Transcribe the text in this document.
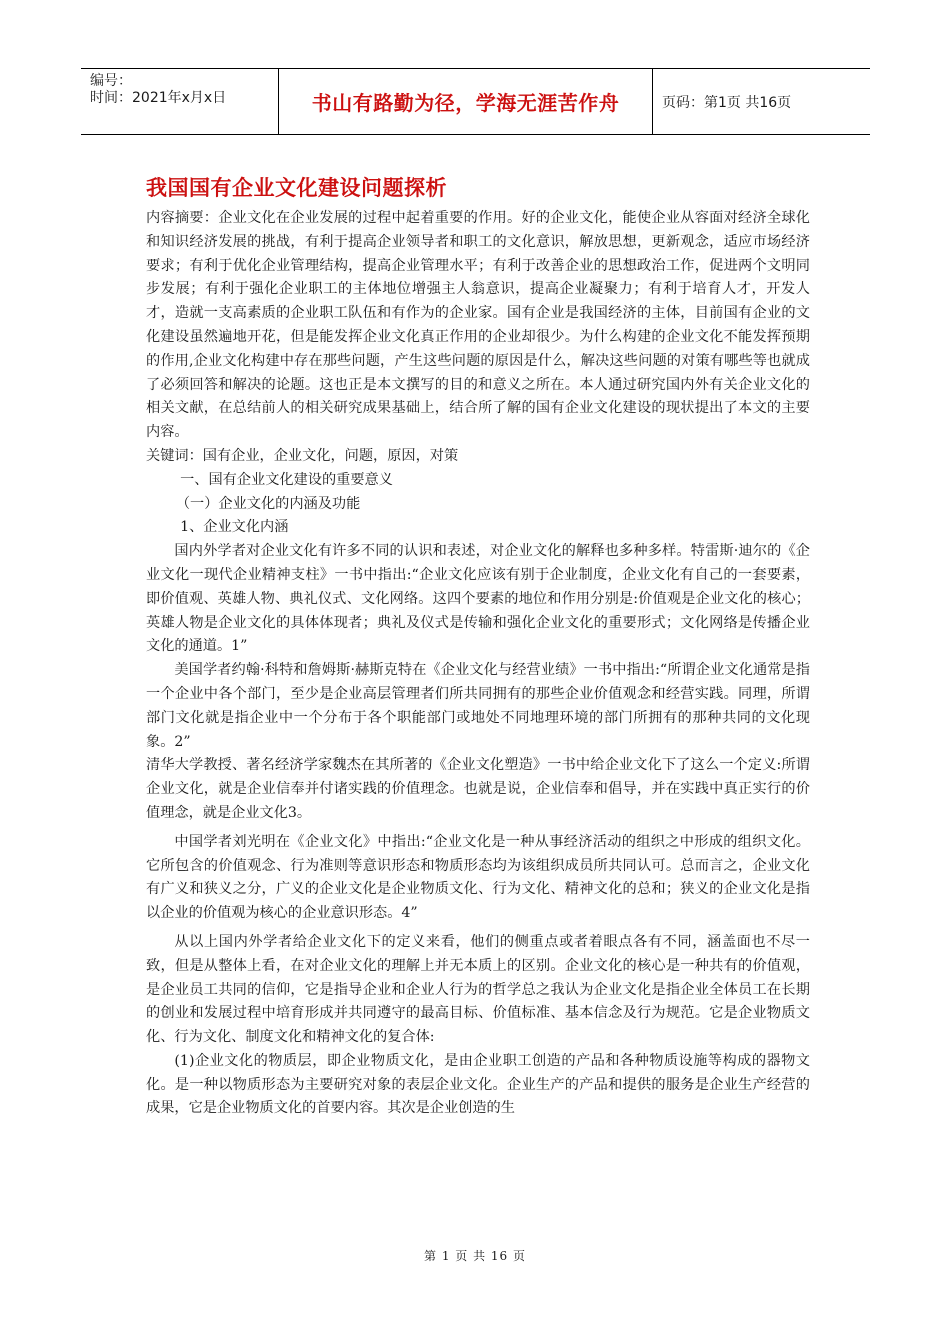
编号：
时间：2021年x月x日	书山有路勤为径，学海无涯苦作舟	页码：第1页 共16页
我国国有企业文化建设问题探析

内容摘要：企业文化在企业发展的过程中起着重要的作用。好的企业文化，能使企业从容面对经济全球化和知识经济发展的挑战，有利于提高企业领导者和职工的文化意识，解放思想，更新观念，适应市场经济要求；有利于优化企业管理结构，提高企业管理水平；有利于改善企业的思想政治工作，促进两个文明同步发展；有利于强化企业职工的主体地位增强主人翁意识，提高企业凝聚力；有利于培育人才，开发人才，造就一支高素质的企业职工队伍和有作为的企业家。国有企业是我国经济的主体，目前国有企业的文化建设虽然遍地开花，但是能发挥企业文化真正作用的企业却很少。为什么构建的企业文化不能发挥预期的作用,企业文化构建中存在那些问题，产生这些问题的原因是什么，解决这些问题的对策有哪些等也就成了必须回答和解决的论题。这也正是本文撰写的目的和意义之所在。本人通过研究国内外有关企业文化的相关文献，在总结前人的相关研究成果基础上，结合所了解的国有企业文化建设的现状提出了本文的主要内容。

关键词：国有企业，企业文化，问题，原因，对策

一、国有企业文化建设的重要意义

（一）企业文化的内涵及功能

1、企业文化内涵

国内外学者对企业文化有许多不同的认识和表述，对企业文化的解释也多种多样。特雷斯·迪尔的《企业文化一现代企业精神支柱》一书中指出:“企业文化应该有别于企业制度，企业文化有自己的一套要素，即价值观、英雄人物、典礼仪式、文化网络。这四个要素的地位和作用分别是:价值观是企业文化的核心；英雄人物是企业文化的具体体现者；典礼及仪式是传输和强化企业文化的重要形式；文化网络是传播企业文化的通道。1”

美国学者约翰·科特和詹姆斯·赫斯克特在《企业文化与经营业绩》一书中指出:“所谓企业文化通常是指一个企业中各个部门，至少是企业高层管理者们所共同拥有的那些企业价值观念和经营实践。同理，所谓部门文化就是指企业中一个分布于各个职能部门或地处不同地理环境的部门所拥有的那种共同的文化现象。2”

清华大学教授、著名经济学家魏杰在其所著的《企业文化塑造》一书中给企业文化下了这么一个定义:所谓企业文化，就是企业信奉并付诸实践的价值理念。也就是说，企业信奉和倡导，并在实践中真正实行的价值理念，就是企业文化3。

中国学者刘光明在《企业文化》中指出:“企业文化是一种从事经济活动的组织之中形成的组织文化。它所包含的价值观念、行为准则等意识形态和物质形态均为该组织成员所共同认可。总而言之，企业文化有广义和狭义之分，广义的企业文化是企业物质文化、行为文化、精神文化的总和；狭义的企业文化是指以企业的价值观为核心的企业意识形态。4”

从以上国内外学者给企业文化下的定义来看，他们的侧重点或者着眼点各有不同，涵盖面也不尽一致，但是从整体上看，在对企业文化的理解上并无本质上的区别。企业文化的核心是一种共有的价值观，是企业员工共同的信仰，它是指导企业和企业人行为的哲学总之我认为企业文化是指企业全体员工在长期的创业和发展过程中培育形成并共同遵守的最高目标、价值标准、基本信念及行为规范。它是企业物质文化、行为文化、制度文化和精神文化的复合体:

(1)企业文化的物质层，即企业物质文化，是由企业职工创造的产品和各种物质设施等构成的器物文化。是一种以物质形态为主要研究对象的表层企业文化。企业生产的产品和提供的服务是企业生产经营的成果，它是企业物质文化的首要内容。其次是企业创造的生

第 1 页 共 16 页
